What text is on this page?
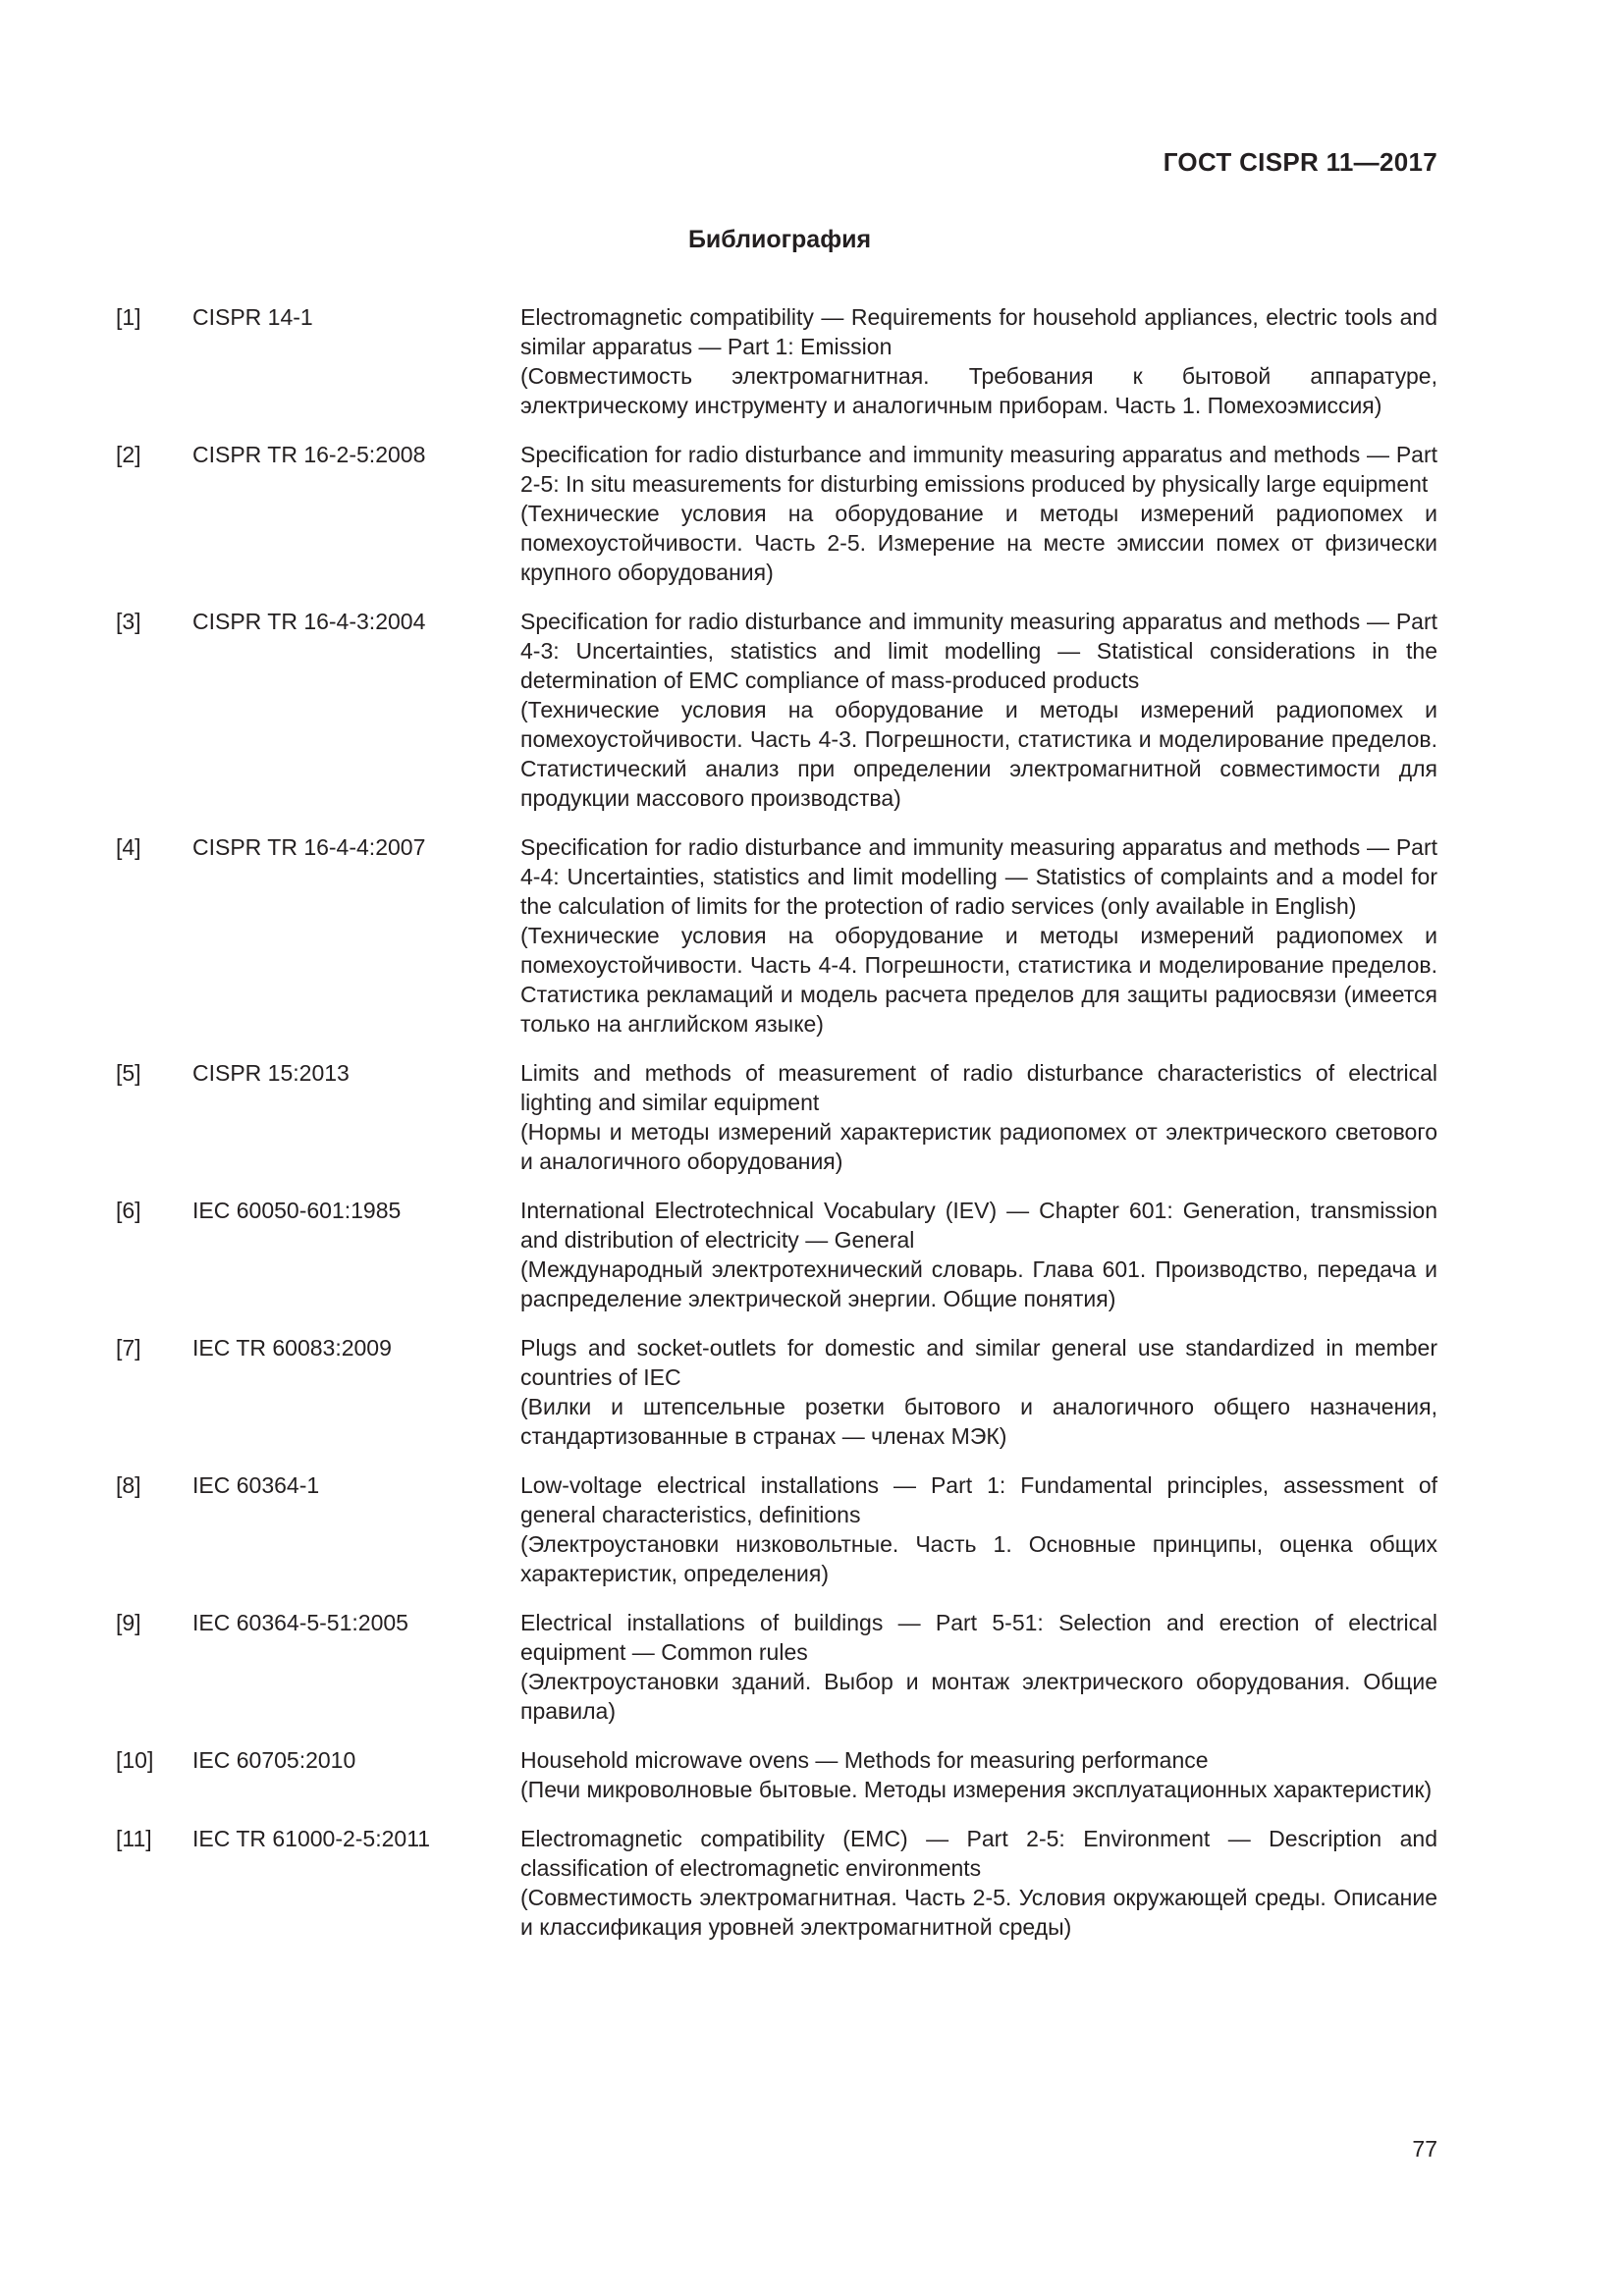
ГОСТ CISPR 11—2017
Библиография
[1] CISPR 14-1	Electromagnetic compatibility — Requirements for household appliances, electric tools and similar apparatus — Part 1: Emission

(Совместимость электромагнитная. Требования к бытовой аппаратуре, электрическому инструменту и аналогичным приборам. Часть 1. Помехоэмиссия)

[2] CISPR TR 16-2-5:2008	Specification for radio disturbance and immunity measuring apparatus and methods — Part 2-5: In situ measurements for disturbing emissions produced by physically large equipment

(Технические условия на оборудование и методы измерений радиопомех и помехоустойчивости. Часть 2-5. Измерение на месте эмиссии помех от физически крупного оборудования)

[3] CISPR TR 16-4-3:2004	Specification for radio disturbance and immunity measuring apparatus and methods — Part 4-3: Uncertainties, statistics and limit modelling — Statistical considerations in the determination of EMC compliance of mass-produced products

(Технические условия на оборудование и методы измерений радиопомех и помехоустойчивости. Часть 4-3. Погрешности, статистика и моделирование пределов. Статистический анализ при определении электромагнитной совместимости для продукции массового производства)

[4] CISPR TR 16-4-4:2007	Specification for radio disturbance and immunity measuring apparatus and methods — Part 4-4: Uncertainties, statistics and limit modelling — Statistics of complaints and a model for the calculation of limits for the protection of radio services (only available in English)

(Технические условия на оборудование и методы измерений радиопомех и помехоустойчивости. Часть 4-4. Погрешности, статистика и моделирование пределов. Статистика рекламаций и модель расчета пределов для защиты радиосвязи (имеется только на английском языке)

[5] CISPR 15:2013	Limits and methods of measurement of radio disturbance characteristics of electrical lighting and similar equipment

(Нормы и методы измерений характеристик радиопомех от электрического светового и аналогичного оборудования)

[6] IEC 60050-601:1985	International Electrotechnical Vocabulary (IEV) — Chapter 601: Generation, transmission and distribution of electricity — General

(Международный электротехнический словарь. Глава 601. Производство, передача и распределение электрической энергии. Общие понятия)

[7] IEC TR 60083:2009	Plugs and socket-outlets for domestic and similar general use standardized in member countries of IEC

(Вилки и штепсельные розетки бытового и аналогичного общего назначения, стандартизованные в странах — членах МЭК)

[8] IEC 60364-1	Low-voltage electrical installations — Part 1: Fundamental principles, assessment of general characteristics, definitions

(Электроустановки низковольтные. Часть 1. Основные принципы, оценка общих характеристик, определения)

[9] IEC 60364-5-51:2005	Electrical installations of buildings — Part 5-51: Selection and erection of electrical equipment — Common rules

(Электроустановки зданий. Выбор и монтаж электрического оборудования. Общие правила)

[10] IEC 60705:2010	Household microwave ovens — Methods for measuring performance

(Печи микроволновые бытовые. Методы измерения эксплуатационных характеристик)

[11] IEC TR 61000-2-5:2011	Electromagnetic compatibility (EMC) — Part 2-5: Environment — Description and classification of electromagnetic environments

(Совместимость электромагнитная. Часть 2-5. Условия окружающей среды. Описание и классификация уровней электромагнитной среды)

77
